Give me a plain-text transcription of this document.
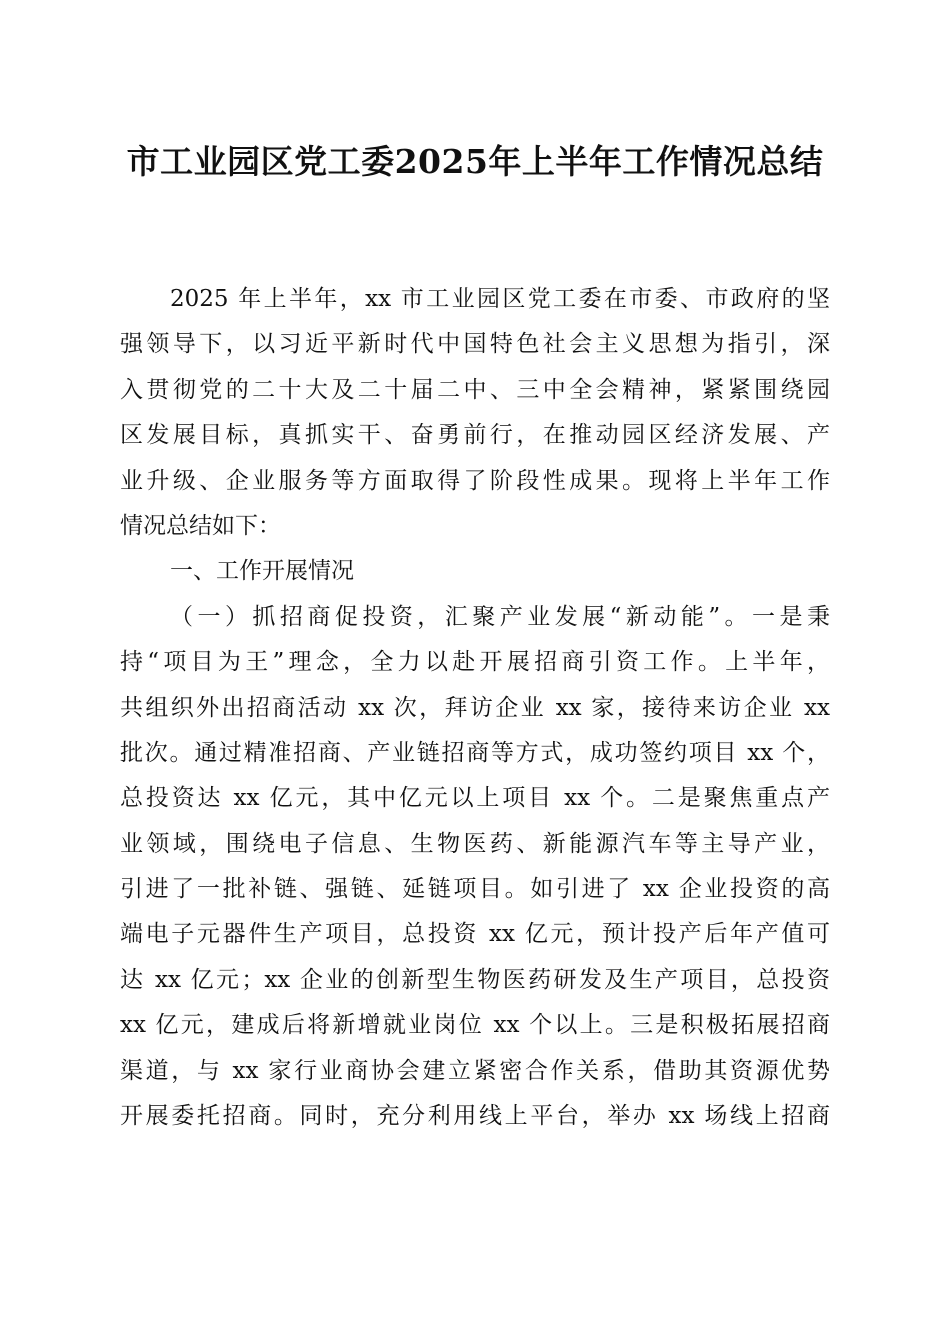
市工业园区党工委2025年上半年工作情况总结
2025 年上半年，xx 市工业园区党工委在市委、市政府的坚
强领导下，以习近平新时代中国特色社会主义思想为指引，深
入贯彻党的二十大及二十届二中、三中全会精神，紧紧围绕园
区发展目标，真抓实干、奋勇前行，在推动园区经济发展、产
业升级、企业服务等方面取得了阶段性成果。现将上半年工作
情况总结如下：
一、工作开展情况
（一）抓招商促投资，汇聚产业发展“新动能”。一是秉
持“项目为王”理念，全力以赴开展招商引资工作。上半年，
共组织外出招商活动 xx 次，拜访企业 xx 家，接待来访企业 xx
批次。通过精准招商、产业链招商等方式，成功签约项目 xx 个，
总投资达 xx 亿元，其中亿元以上项目 xx 个。二是聚焦重点产
业领域，围绕电子信息、生物医药、新能源汽车等主导产业，
引进了一批补链、强链、延链项目。如引进了 xx 企业投资的高
端电子元器件生产项目，总投资 xx 亿元，预计投产后年产值可
达 xx 亿元；xx 企业的创新型生物医药研发及生产项目，总投资
xx 亿元，建成后将新增就业岗位 xx 个以上。三是积极拓展招商
渠道，与 xx 家行业商协会建立紧密合作关系，借助其资源优势
开展委托招商。同时，充分利用线上平台，举办 xx 场线上招商
